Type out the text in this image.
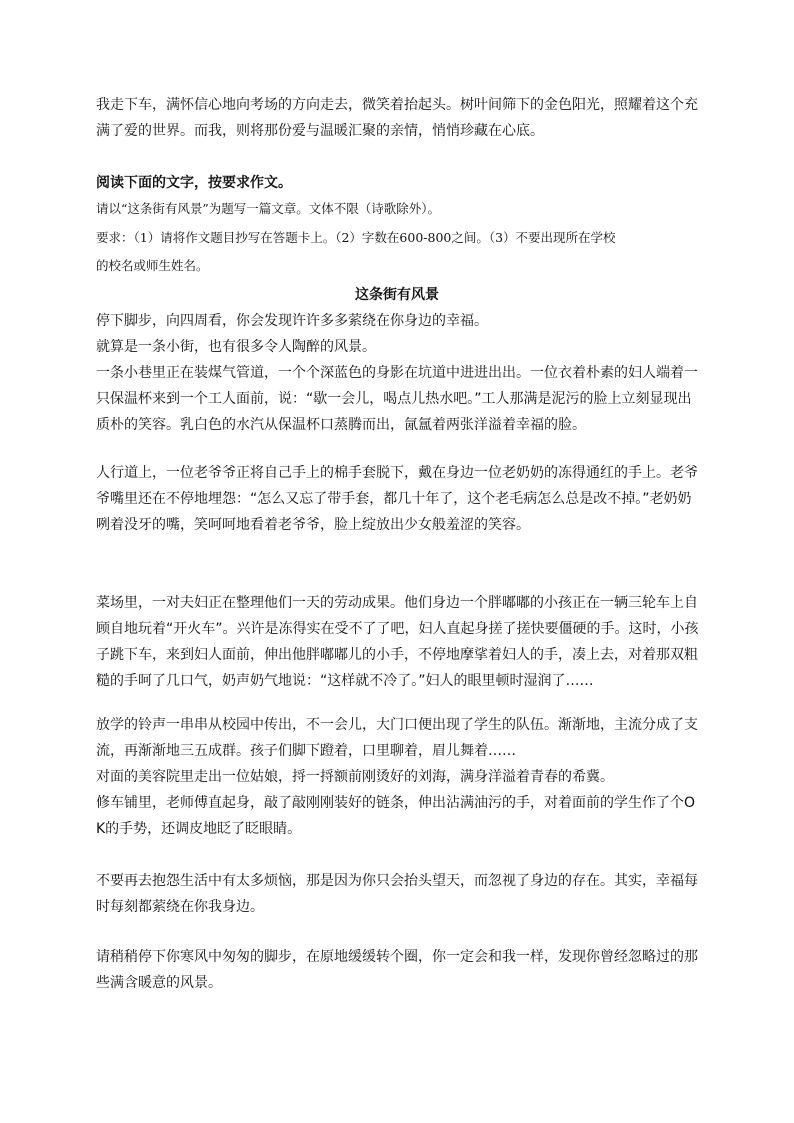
我走下车，满怀信心地向考场的方向走去，微笑着抬起头。树叶间筛下的金色阳光，照耀着这个充

满了爱的世界。而我，则将那份爱与温暖汇聚的亲情，悄悄珍藏在心底。

阅读下面的文字，按要求作文。

请以“这条街有风景”为题写一篇文章。文体不限（诗歌除外）。

要求：（1）请将作文题目抄写在答题卡上。（2）字数在600-800之间。（3）不要出现所在学校

的校名或师生姓名。

这条街有风景

停下脚步，向四周看，你会发现许许多多萦绕在你身边的幸福。

就算是一条小街，也有很多令人陶醉的风景。

一条小巷里正在装煤气管道，一个个深蓝色的身影在坑道中进进出出。一位衣着朴素的妇人端着一只保温杯来到一个工人面前，说：“歇一会儿，喝点儿热水吧。”工人那满是泥污的脸上立刻显现出质朴的笑容。乳白色的水汽从保温杯口蒸腾而出，氤氲着两张洋溢着幸福的脸。

人行道上，一位老爷爷正将自己手上的棉手套脱下，戴在身边一位老奶奶的冻得通红的手上。老爷爷嘴里还在不停地埋怨：“怎么又忘了带手套，都几十年了，这个老毛病怎么总是改不掉。”老奶奶咧着没牙的嘴，笑呵呵地看着老爷爷，脸上绽放出少女般羞涩的笑容。

菜场里，一对夫妇正在整理他们一天的劳动成果。他们身边一个胖嘟嘟的小孩正在一辆三轮车上自顾自地玩着“开火车”。兴许是冻得实在受不了了吧，妇人直起身搓了搓快要僵硬的手。这时，小孩子跳下车，来到妇人面前，伸出他胖嘟嘟儿的小手，不停地摩挲着妇人的手，凑上去，对着那双粗糙的手呵了几口气，奶声奶气地说：“这样就不冷了。”妇人的眼里顿时湿润了……

放学的铃声一串串从校园中传出，不一会儿，大门口便出现了学生的队伍。渐渐地，主流分成了支流，再渐渐地三五成群。孩子们脚下蹬着，口里聊着，眉儿舞着……

对面的美容院里走出一位姑娘，捋一捋额前刚烫好的刘海，满身洋溢着青春的希冀。

修车铺里，老师傅直起身，敲了敲刚刚装好的链条，伸出沾满油污的手，对着面前的学生作了个OK的手势，还调皮地眨了眨眼睛。

不要再去抱怨生活中有太多烦恼，那是因为你只会抬头望天，而忽视了身边的存在。其实，幸福每时每刻都萦绕在你我身边。

请稍稍停下你寒风中匆匆的脚步，在原地缓缓转个圈，你一定会和我一样，发现你曾经忽略过的那些满含暖意的风景。
